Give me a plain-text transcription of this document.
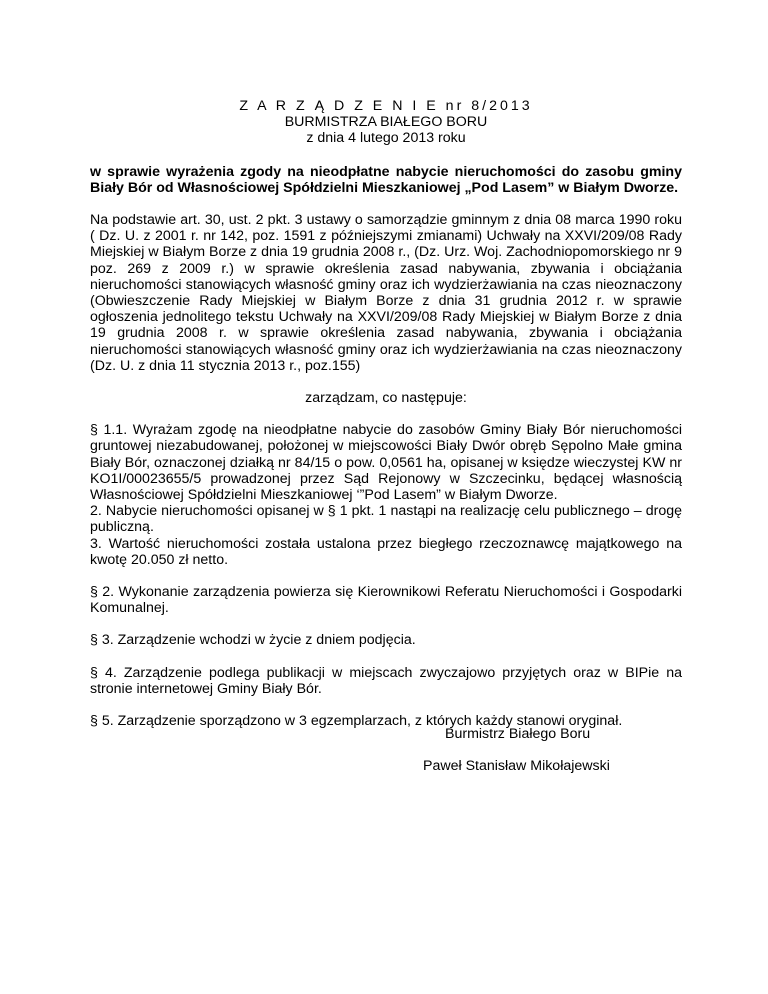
Z A R Z Ą D Z E N I E nr 8/2013
BURMISTRZA BIAŁEGO BORU
z dnia 4 lutego 2013 roku
w sprawie wyrażenia zgody na nieodpłatne nabycie nieruchomości do zasobu gminy Biały Bór od Własnościowej Spółdzielni Mieszkaniowej „Pod Lasem” w Białym Dworze.
Na podstawie art. 30, ust. 2 pkt. 3 ustawy o samorządzie gminnym z dnia 08 marca 1990 roku ( Dz. U. z 2001 r. nr 142, poz. 1591 z późniejszymi zmianami) Uchwały na XXVI/209/08 Rady Miejskiej w Białym Borze z dnia 19 grudnia 2008 r., (Dz. Urz. Woj. Zachodniopomorskiego nr 9 poz. 269 z 2009 r.) w sprawie określenia zasad nabywania, zbywania i obciążania nieruchomości stanowiących własność gminy oraz ich wydzierżawiania na czas nieoznaczony (Obwieszczenie Rady Miejskiej w Białym Borze z dnia 31 grudnia 2012 r. w sprawie ogłoszenia jednolitego tekstu Uchwały na XXVI/209/08 Rady Miejskiej w Białym Borze z dnia 19 grudnia 2008 r. w sprawie określenia zasad nabywania, zbywania i obciążania nieruchomości stanowiących własność gminy oraz ich wydzierżawiania na czas nieoznaczony (Dz. U. z dnia 11 stycznia 2013 r., poz.155)
zarządzam, co następuje:
§ 1.1. Wyrażam zgodę na nieodpłatne nabycie do zasobów Gminy Biały Bór nieruchomości gruntowej niezabudowanej, położonej w miejscowości Biały Dwór obręb Sępolno Małe gmina Biały Bór, oznaczonej działką nr 84/15 o pow. 0,0561 ha, opisanej w księdze wieczystej KW nr KO1I/00023655/5 prowadzonej przez Sąd Rejonowy w Szczecinku, będącej własnością Własnościowej Spółdzielni Mieszkaniowej ‘”Pod Lasem” w Białym Dworze.
2. Nabycie nieruchomości opisanej w § 1 pkt. 1 nastąpi na realizację celu publicznego – drogę publiczną.
3. Wartość nieruchomości została ustalona przez biegłego rzeczoznawcę majątkowego na kwotę 20.050 zł netto.
§ 2. Wykonanie zarządzenia powierza się Kierownikowi Referatu Nieruchomości i Gospodarki Komunalnej.
§ 3. Zarządzenie wchodzi w życie z dniem podjęcia.
§ 4. Zarządzenie podlega publikacji w miejscach zwyczajowo przyjętych oraz w BIPie na stronie internetowej Gminy Biały Bór.
§ 5. Zarządzenie sporządzono w 3 egzemplarzach, z których każdy stanowi oryginał.
Burmistrz Białego Boru
Paweł Stanisław Mikołajewski
